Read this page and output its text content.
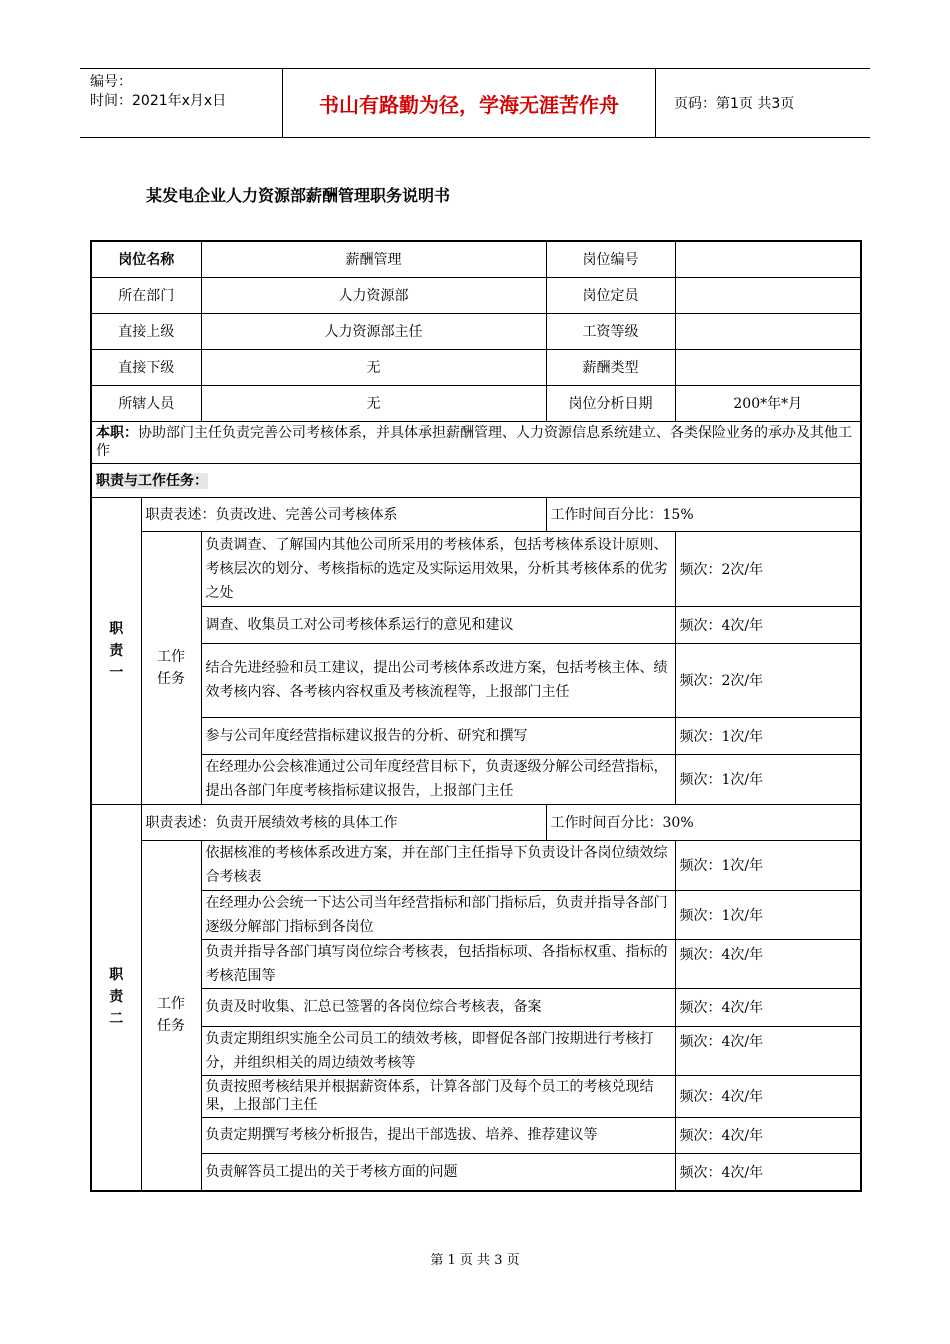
编号：
时间：2021年x月x日	书山有路勤为径，学海无涯苦作舟	页码：第1页 共3页
某发电企业人力资源部薪酬管理职务说明书
岗位名称		薪酬管理	岗位编号	
所在部门		人力资源部	岗位定员	
直接上级		人力资源部主任	工资等级	
直接下级		无	薪酬类型	
所辖人员		无	岗位分析日期	200*年*月
本职：协助部门主任负责完善公司考核体系，并具体承担薪酬管理、人力资源信息系统建立、各类保险业务的承办及其他工作				
职责与工作任务：				

职责一	职责表述：负责改进、完善公司考核体系		工作时间百分比：15%	

	工作任务	负责调查、了解国内其他公司所采用的考核体系，包括考核体系设计原则、考核层次的划分、考核指标的选定及实际运用效果，分析其考核体系的优劣之处		频次：2次/年
		调查、收集员工对公司考核体系运行的意见和建议		频次：4次/年
		结合先进经验和员工建议，提出公司考核体系改进方案，包括考核主体、绩效考核内容、各考核内容权重及考核流程等，上报部门主任		频次：2次/年
		参与公司年度经营指标建议报告的分析、研究和撰写		频次：1次/年
		在经理办公会核准通过公司年度经营目标下，负责逐级分解公司经营指标，提出各部门年度考核指标建议报告，上报部门主任		频次：1次/年

职责二	职责表述：负责开展绩效考核的具体工作		工作时间百分比：30%	

	工作任务	依据核准的考核体系改进方案，并在部门主任指导下负责设计各岗位绩效综合考核表		频次：1次/年
		在经理办公会统一下达公司当年经营指标和部门指标后，负责并指导各部门逐级分解部门指标到各岗位		频次：1次/年
		负责并指导各部门填写岗位综合考核表，包括指标项、各指标权重、指标的考核范围等		频次：4次/年
		负责及时收集、汇总已签署的各岗位综合考核表，备案		频次：4次/年
		负责定期组织实施全公司员工的绩效考核，即督促各部门按期进行考核打分，并组织相关的周边绩效考核等		频次：4次/年
		负责按照考核结果并根据薪资体系，计算各部门及每个员工的考核兑现结果，上报部门主任		频次：4次/年
		负责定期撰写考核分析报告，提出干部选拔、培养、推荐建议等		频次：4次/年
		负责解答员工提出的关于考核方面的问题		频次：4次/年
第 1 页 共 3 页
